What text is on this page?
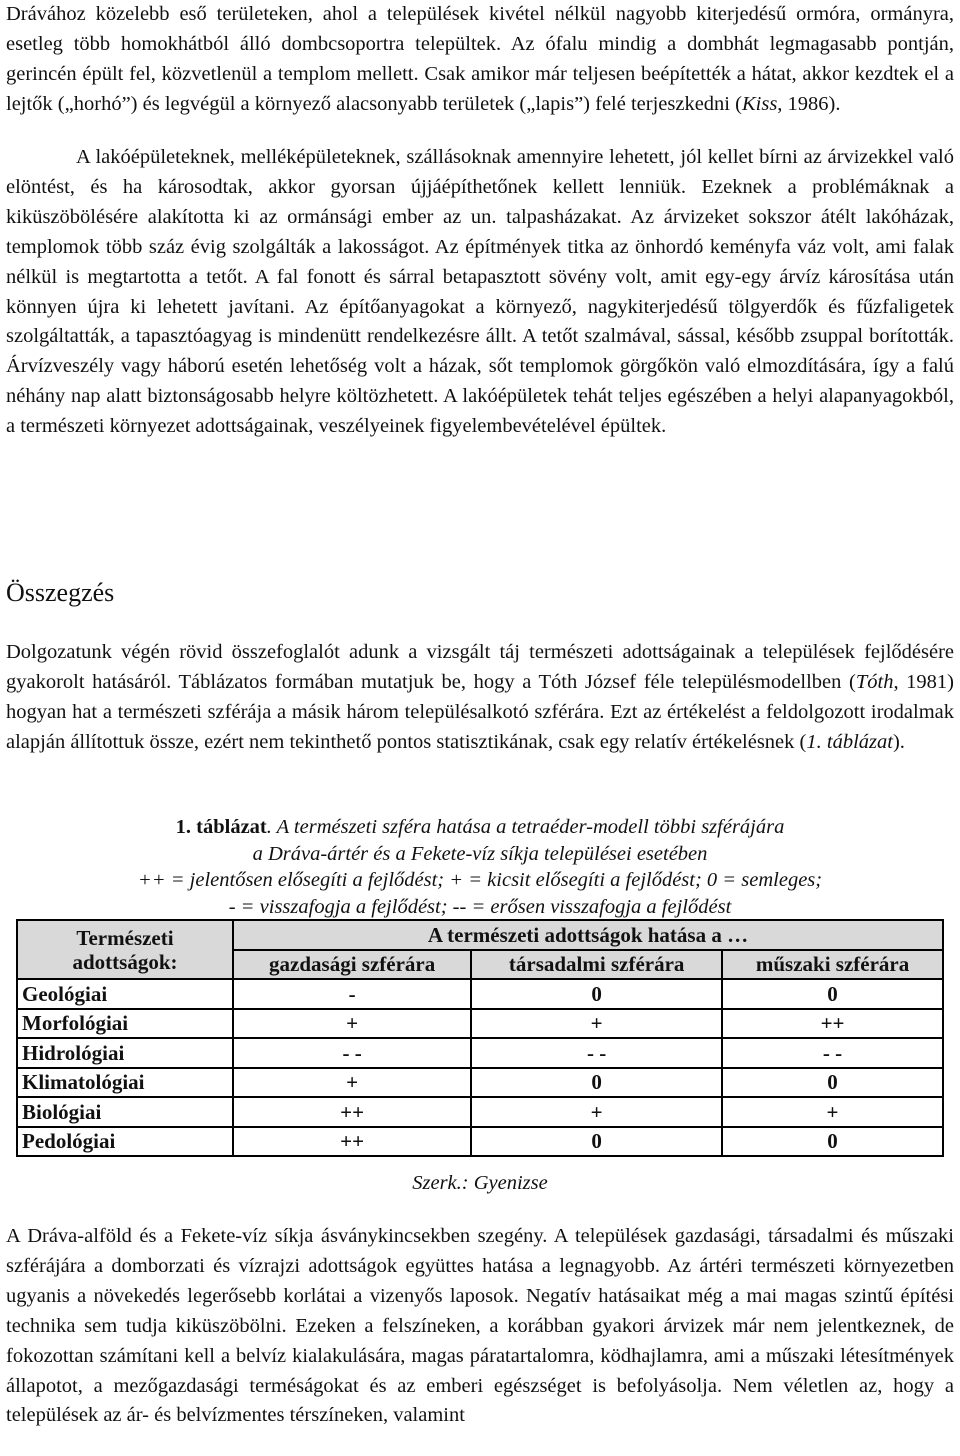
Drávához közelebb eső területeken, ahol a települések kivétel nélkül nagyobb kiterjedésű ormóra, ormányra, esetleg több homokhátból álló dombcsoportra települtek. Az ófalu mindig a dombhát legmagasabb pontján, gerincén épült fel, közvetlenül a templom mellett. Csak amikor már teljesen beépítették a hátat, akkor kezdtek el a lejtők („horhó”) és legvégül a környező alacsonyabb területek („lapis”) felé terjeszkedni (Kiss, 1986).

A lakóépületeknek, melléképületeknek, szállásoknak amennyire lehetett, jól kellet bírni az árvizekkel való elöntést, és ha károsodtak, akkor gyorsan újjáépíthetőnek kellett lenniük. Ezeknek a problémáknak a kiküszöbölésére alakította ki az ormánsági ember az un. talpasházakat. Az árvizeket sokszor átélt lakóházak, templomok több száz évig szolgálták a lakosságot. Az építmények titka az önhordó keményfa váz volt, ami falak nélkül is megtartotta a tetőt. A fal fonott és sárral betapasztott sövény volt, amit egy-egy árvíz károsítása után könnyen újra ki lehetett javítani. Az építőanyagokat a környező, nagykiterjedésű tölgyerdők és fűzfaligetek szolgáltatták, a tapasztóagyag is mindenütt rendelkezésre állt. A tetőt szalmával, sással, később zsuppal borították. Árvízveszély vagy háború esetén lehetőség volt a házak, sőt templomok görgőkön való elmozdítására, így a falú néhány nap alatt biztonságosabb helyre költözhetett. A lakóépületek tehát teljes egészében a helyi alapanyagokból, a természeti környezet adottságainak, veszélyeinek figyelembevételével épültek.

Összegzés

Dolgozatunk végén rövid összefoglalót adunk a vizsgált táj természeti adottságainak a települések fejlődésére gyakorolt hatásáról. Táblázatos formában mutatjuk be, hogy a Tóth József féle településmodellben (Tóth, 1981) hogyan hat a természeti szférája a másik három településalkotó szférára. Ezt az értékelést a feldolgozott irodalmak alapján állítottuk össze, ezért nem tekinthető pontos statisztikának, csak egy relatív értékelésnek (1. táblázat).

1. táblázat. A természeti szféra hatása a tetraéder-modell többi szférájára
a Dráva-ártér és a Fekete-víz síkja települései esetében
++ = jelentősen elősegíti a fejlődést; + = kicsit elősegíti a fejlődést; 0 = semleges;
- = visszafogja a fejlődést; -- = erősen visszafogja a fejlődést
Természeti
adottságok:	A természeti adottságok hatása a …		
	gazdasági szférára	társadalmi szférára	műszaki szférára
Geológiai	-	0	0
Morfológiai	+	+	++
Hidrológiai	- -	- -	- -
Klimatológiai	+	0	0
Biológiai	++	+	+
Pedológiai	++	0	0
Szerk.: Gyenizse

A Dráva-alföld és a Fekete-víz síkja ásványkincsekben szegény. A települések gazdasági, társadalmi és műszaki szférájára a domborzati és vízrajzi adottságok együttes hatása a legnagyobb. Az ártéri természeti környezetben ugyanis a növekedés legerősebb korlátai a vizenyős laposok. Negatív hatásaikat még a mai magas szintű építési technika sem tudja kiküszöbölni. Ezeken a felszíneken, a korábban gyakori árvizek már nem jelentkeznek, de fokozottan számítani kell a belvíz kialakulására, magas páratartalomra, ködhajlamra, ami a műszaki létesítmények állapotot, a mezőgazdasági terméságokat és az emberi egészséget is befolyásolja. Nem véletlen az, hogy a települések az ár- és belvízmentes térszíneken, valamint
